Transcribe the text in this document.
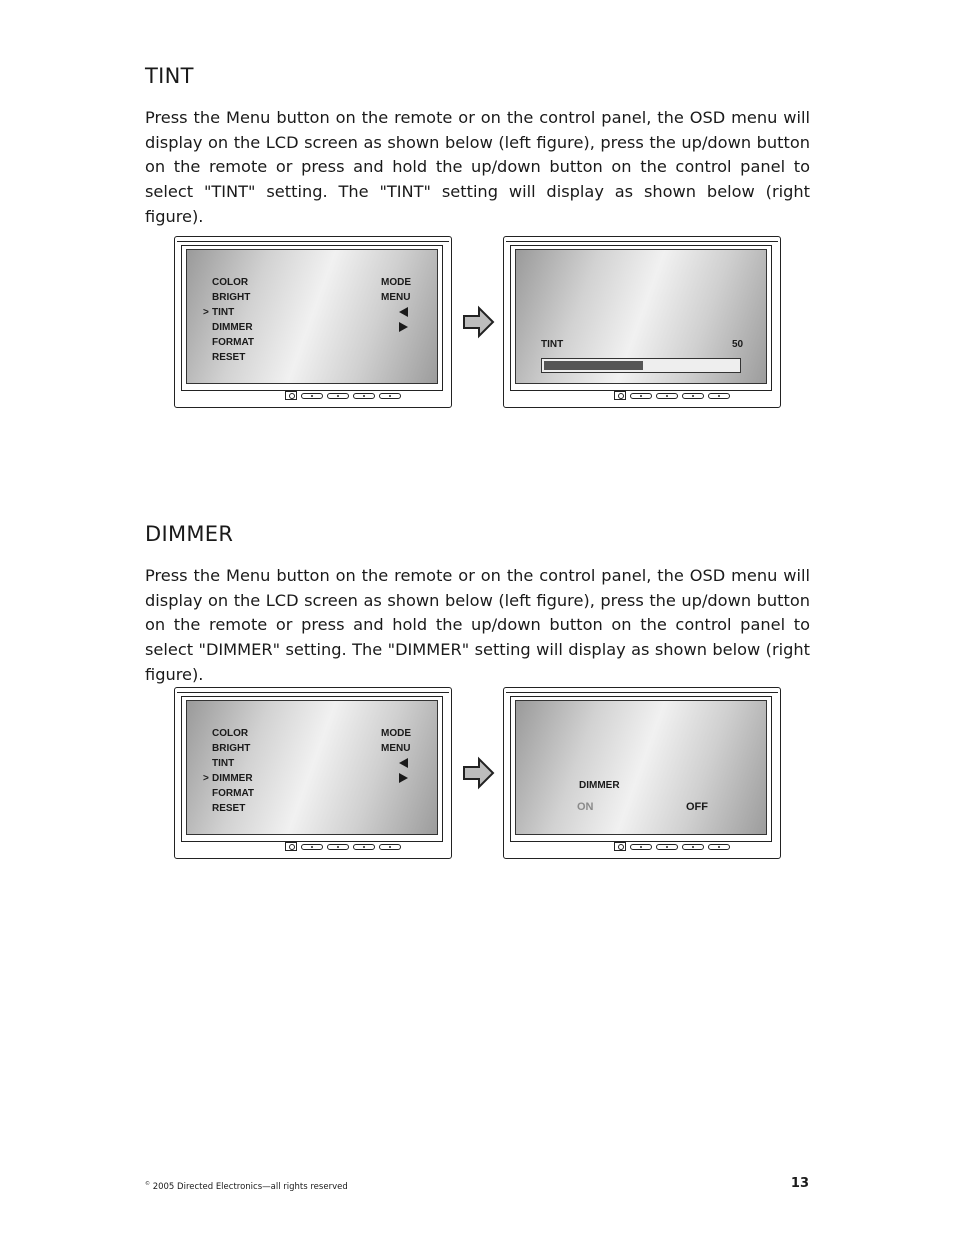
TINT

Press the Menu button on the remote or on the control panel, the OSD menu will display on the LCD screen as shown below (left figure), press the up/down button on the remote or press and hold the up/down button on the control panel to select "TINT" setting. The "TINT" setting will display as shown below (right figure).

COLOR
BRIGHT
> TINT
DIMMER
FORMAT
RESET
MODE
MENU
TINT	50
DIMMER

Press the Menu button on the remote or on the control panel, the OSD menu will display on the LCD screen as shown below (left figure), press the up/down button on the remote or press and hold the up/down button on the control panel to select "DIMMER" setting. The "DIMMER" setting will display as shown below (right figure).

COLOR
BRIGHT
TINT
> DIMMER
FORMAT
RESET
MODE
MENU
DIMMER
ON	OFF
© 2005 Directed Electronics—all rights reserved	13
